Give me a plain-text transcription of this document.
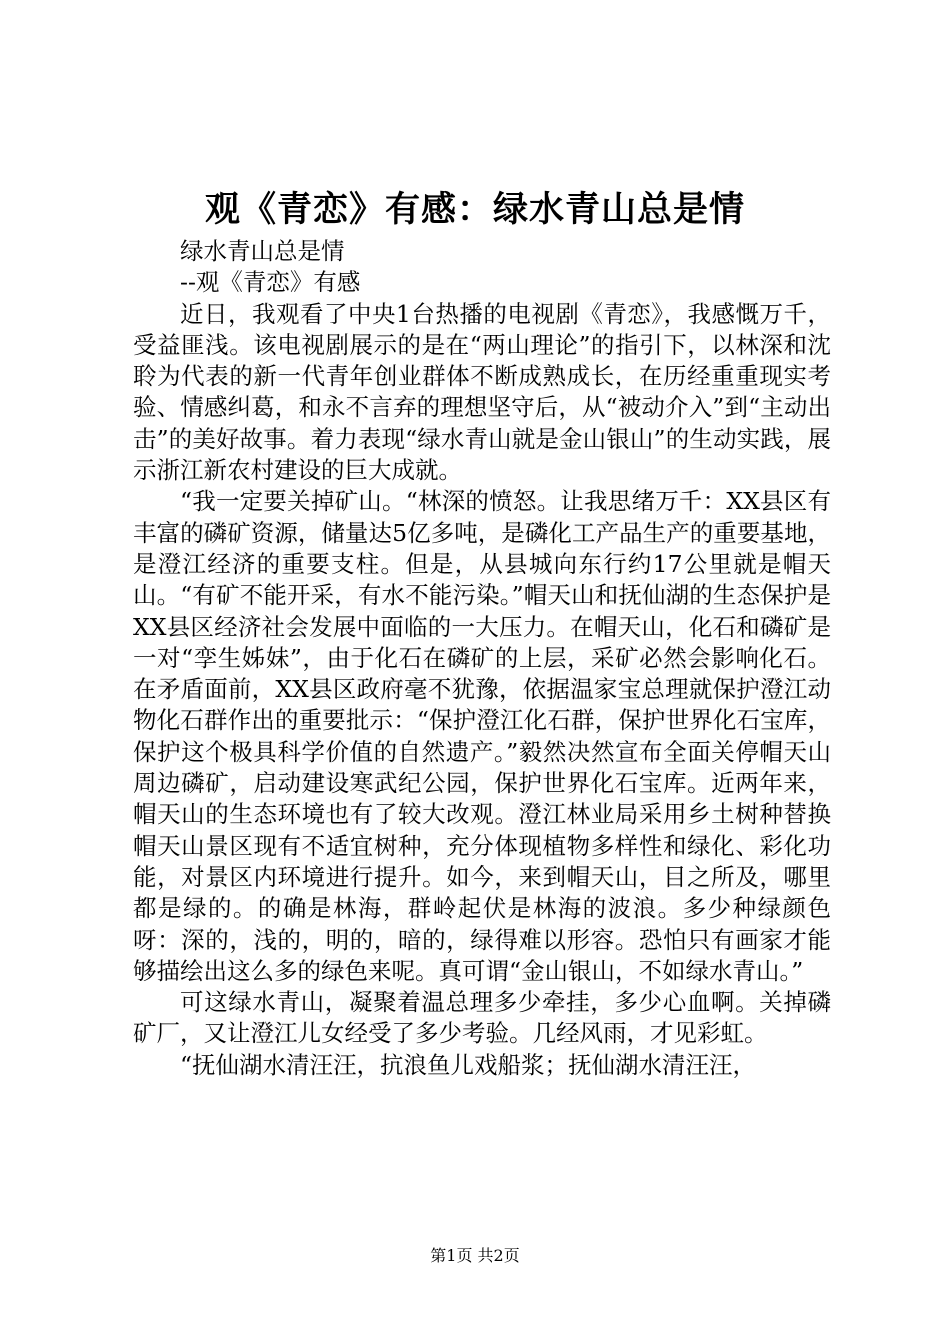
观《青恋》有感：绿水青山总是情

绿水青山总是情

--观《青恋》有感

近日，我观看了中央1台热播的电视剧《青恋》，我感慨万千，受益匪浅。该电视剧展示的是在“两山理论”的指引下，以林深和沈聆为代表的新一代青年创业群体不断成熟成长，在历经重重现实考验、情感纠葛，和永不言弃的理想坚守后，从“被动介入”到“主动出击”的美好故事。着力表现“绿水青山就是金山银山”的生动实践，展示浙江新农村建设的巨大成就。

“我一定要关掉矿山。“林深的愤怒。让我思绪万千：XX县区有丰富的磷矿资源，储量达5亿多吨，是磷化工产品生产的重要基地，是澄江经济的重要支柱。但是，从县城向东行约17公里就是帽天山。“有矿不能开采，有水不能污染。”帽天山和抚仙湖的生态保护是XX县区经济社会发展中面临的一大压力。在帽天山，化石和磷矿是一对“孪生姊妹”，由于化石在磷矿的上层，采矿必然会影响化石。在矛盾面前，XX县区政府毫不犹豫，依据温家宝总理就保护澄江动物化石群作出的重要批示：“保护澄江化石群，保护世界化石宝库，保护这个极具科学价值的自然遗产。”毅然决然宣布全面关停帽天山周边磷矿，启动建设寒武纪公园，保护世界化石宝库。近两年来，帽天山的生态环境也有了较大改观。澄江林业局采用乡土树种替换帽天山景区现有不适宜树种，充分体现植物多样性和绿化、彩化功能，对景区内环境进行提升。如今，来到帽天山，目之所及，哪里都是绿的。的确是林海，群岭起伏是林海的波浪。多少种绿颜色呀：深的，浅的，明的，暗的，绿得难以形容。恐怕只有画家才能够描绘出这么多的绿色来呢。真可谓“金山银山，不如绿水青山。”

可这绿水青山，凝聚着温总理多少牵挂，多少心血啊。关掉磷矿厂，又让澄江儿女经受了多少考验。几经风雨，才见彩虹。

“抚仙湖水清汪汪，抗浪鱼儿戏船浆；抚仙湖水清汪汪，

第1页 共2页
